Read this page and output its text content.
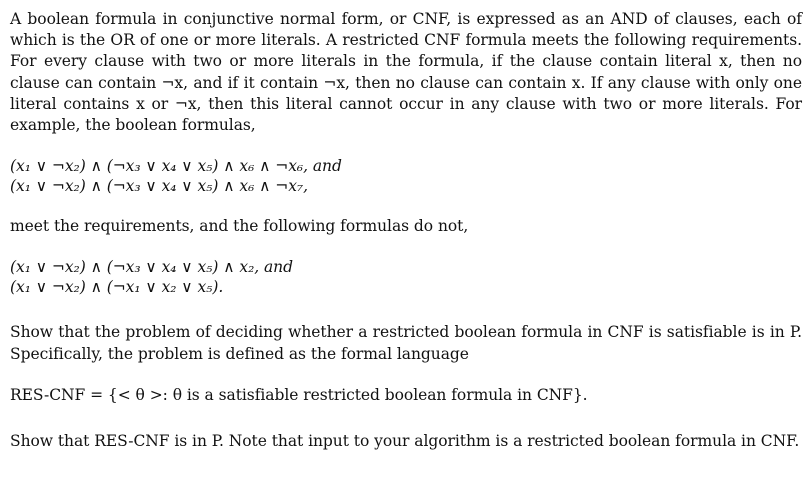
A boolean formula in conjunctive normal form, or CNF, is expressed as an AND of clauses, each of which is the OR of one or more literals. A restricted CNF formula meets the following requirements. For every clause with two or more literals in the formula, if the clause contain literal x, then no clause can contain ¬x, and if it contain ¬x, then no clause can contain x. If any clause with only one literal contains x or ¬x, then this literal cannot occur in any clause with two or more literals. For example, the boolean formulas,

(x₁ ∨ ¬x₂) ∧ (¬x₃ ∨ x₄ ∨ x₅) ∧ x₆ ∧ ¬x₆, and
(x₁ ∨ ¬x₂) ∧ (¬x₃ ∨ x₄ ∨ x₅) ∧ x₆ ∧ ¬x₇,

meet the requirements, and the following formulas do not,

(x₁ ∨ ¬x₂) ∧ (¬x₃ ∨ x₄ ∨ x₅) ∧ x₂, and
(x₁ ∨ ¬x₂) ∧ (¬x₁ ∨ x₂ ∨ x₅).

Show that the problem of deciding whether a restricted boolean formula in CNF is satisfiable is in P. Specifically, the problem is defined as the formal language

RES-CNF = {< θ >: θ is a satisfiable restricted boolean formula in CNF}.

Show that RES-CNF is in P. Note that input to your algorithm is a restricted boolean formula in CNF.
